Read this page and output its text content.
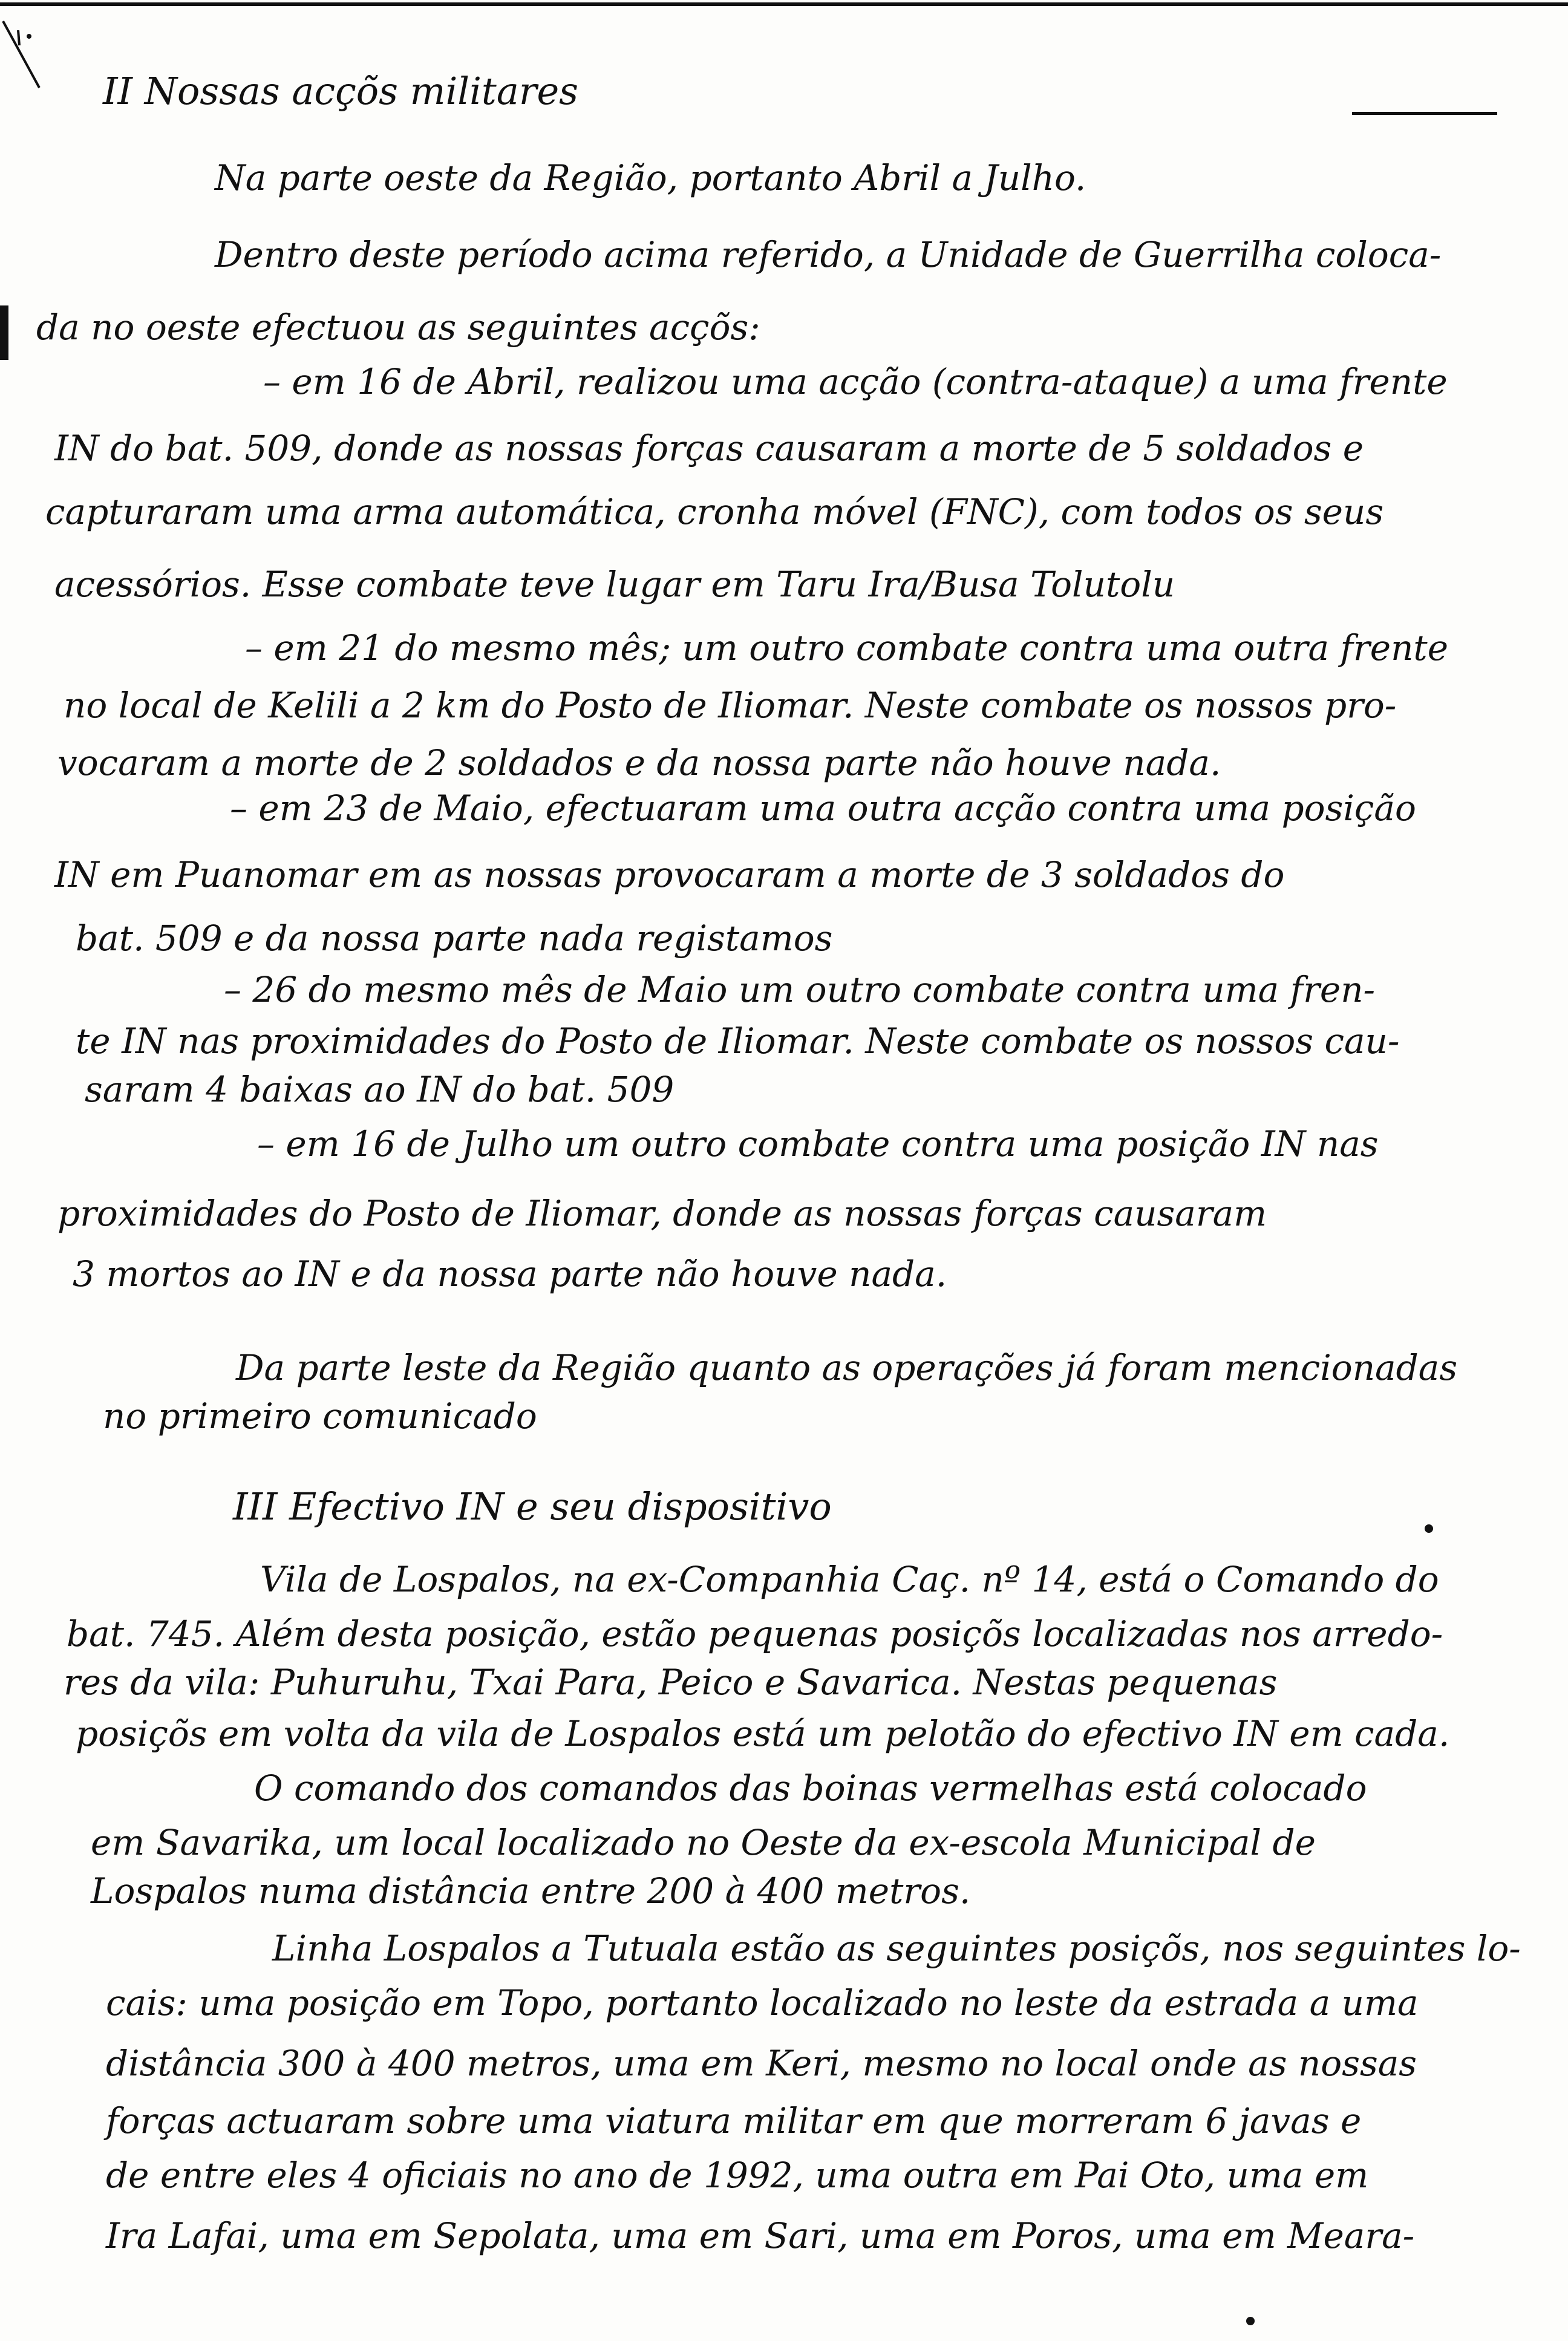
II Nossas acçõs militares
Na parte oeste da Região, portanto Abril a Julho.
Dentro deste período acima referido, a Unidade de Guerrilha coloca-
da no oeste efectuou as seguintes acçõs:
– em 16 de Abril, realizou uma acção (contra-ataque) a uma frente
IN do bat. 509, donde as nossas forças causaram a morte de 5 soldados e
capturaram uma arma automática, cronha móvel (FNC), com todos os seus
acessórios. Esse combate teve lugar em Taru Ira/Busa Tolutolu
– em 21 do mesmo mês; um outro combate contra uma outra frente
no local de Kelili a 2 km do Posto de Iliomar. Neste combate os nossos pro-
vocaram a morte de 2 soldados e da nossa parte não houve nada.
– em 23 de Maio, efectuaram uma outra acção contra uma posição
IN em Puanomar em as nossas provocaram a morte de 3 soldados do
bat. 509 e da nossa parte nada registamos
– 26 do mesmo mês de Maio um outro combate contra uma fren-
te IN nas proximidades do Posto de Iliomar. Neste combate os nossos cau-
saram 4 baixas ao IN do bat. 509
– em 16 de Julho um outro combate contra uma posição IN nas
proximidades do Posto de Iliomar, donde as nossas forças causaram
3 mortos ao IN e da nossa parte não houve nada.
Da parte leste da Região quanto as operações já foram mencionadas
no primeiro comunicado
III Efectivo IN e seu dispositivo
Vila de Lospalos, na ex-Companhia Caç. nº 14, está o Comando do
bat. 745. Além desta posição, estão pequenas posiçõs localizadas nos arredo-
res da vila: Puhuruhu, Txai Para, Peico e Savarica. Nestas pequenas
posiçõs em volta da vila de Lospalos está um pelotão do efectivo IN em cada.
O comando dos comandos das boinas vermelhas está colocado
em Savarika, um local localizado no Oeste da ex-escola Municipal de
Lospalos numa distância entre 200 à 400 metros.
Linha Lospalos a Tutuala estão as seguintes posiçõs, nos seguintes lo-
cais: uma posição em Topo, portanto localizado no leste da estrada a uma
distância 300 à 400 metros, uma em Keri, mesmo no local onde as nossas
forças actuaram sobre uma viatura militar em que morreram 6 javas e
de entre eles 4 oficiais no ano de 1992, uma outra em Pai Oto, uma em
Ira Lafai, uma em Sepolata, uma em Sari, uma em Poros, uma em Meara-
